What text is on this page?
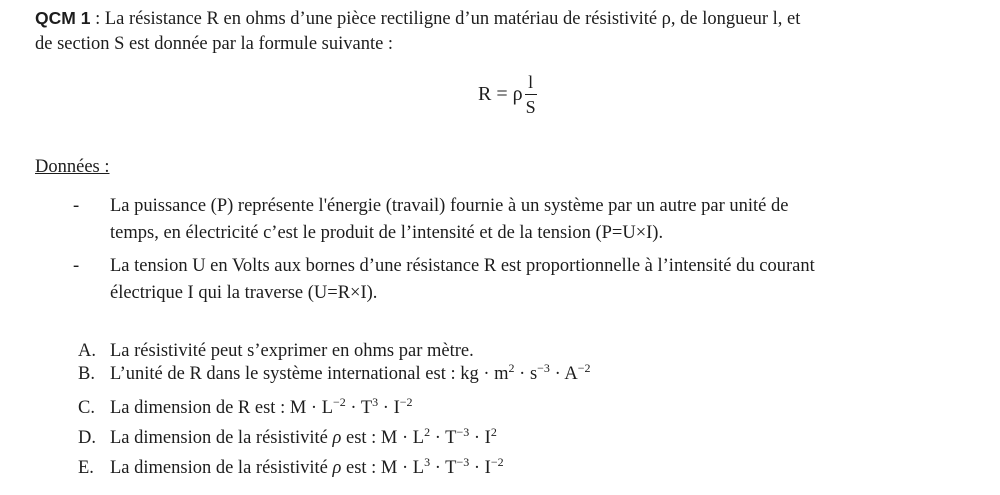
QCM 1 : La résistance R en ohms d’une pièce rectiligne d’un matériau de résistivité ρ, de longueur l, et
de section S est donnée par la formule suivante :
R = ρ $\frac{l}{S}$
Données :
- La puissance (P) représente l'énergie (travail) fournie à un système par un autre par unité de
temps, en électricité c’est le produit de l’intensité et de la tension (P=U×I).
- La tension U en Volts aux bornes d’une résistance R est proportionnelle à l’intensité du courant
électrique I qui la traverse (U=R×I).
A. La résistivité peut s’exprimer en ohms par mètre.
B. L’unité de R dans le système international est : kg · $m^2 \cdot s^{-3} \cdot A^{-2}$
C. La dimension de R est : $M \cdot L^{-2} \cdot T^3 \cdot I^{-2}$
D. La dimension de la résistivité ρ est : $M \cdot L^2 \cdot T^{-3} \cdot I^2$
E. La dimension de la résistivité ρ est : $M \cdot L^3 \cdot T^{-3} \cdot I^{-2}$
